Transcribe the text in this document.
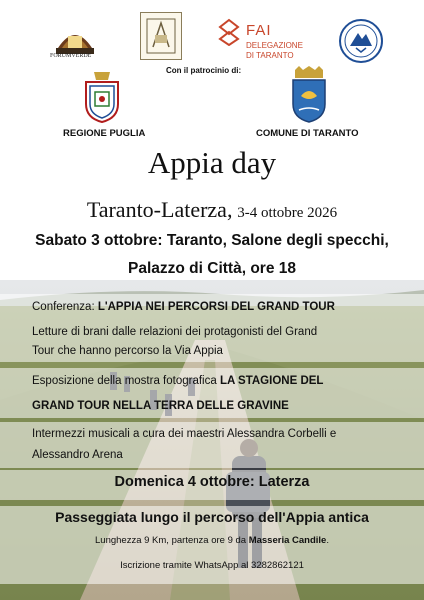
FORUMVERDE
FAI
DELEGAZIONE
DI TARANTO
Con il patrocinio di:
REGIONE PUGLIA	COMUNE DI TARANTO
Appia day
Taranto-Laterza, 3-4 ottobre 2026
Sabato 3 ottobre: Taranto, Salone degli specchi,
Palazzo di Città, ore 18
Conferenza: L'APPIA NEI PERCORSI DEL GRAND TOUR
Letture di brani dalle relazioni dei protagonisti del Grand
Tour che hanno percorso la Via Appia
Esposizione della mostra fotografica LA STAGIONE DEL
GRAND TOUR NELLA TERRA DELLE GRAVINE
Intermezzi musicali a cura dei maestri Alessandra Corbelli e
Alessandro Arena
Domenica 4 ottobre: Laterza
Passeggiata lungo il percorso dell'Appia antica
Lunghezza 9 Km, partenza ore 9 da Masseria Candile.
Iscrizione tramite WhatsApp al 3282862121
